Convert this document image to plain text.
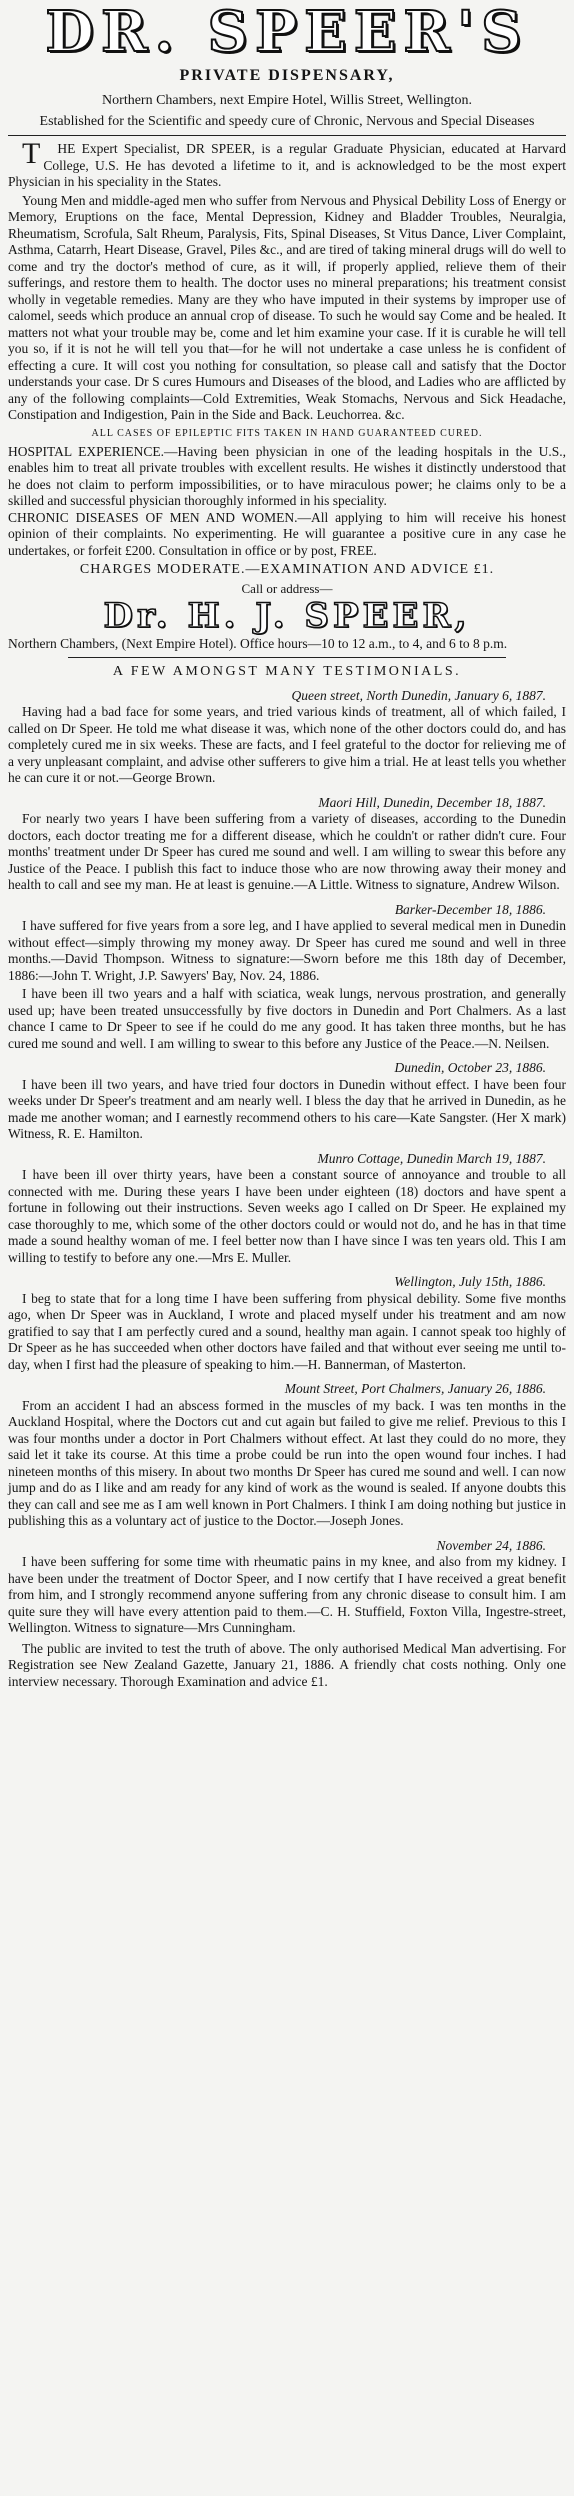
DR. SPEER'S
PRIVATE DISPENSARY,
Northern Chambers, next Empire Hotel, Willis Street, Wellington.
Established for the Scientific and speedy cure of Chronic, Nervous and Special Diseases

THE Expert Specialist, DR SPEER, is a regular Graduate Physician, educated at Harvard College, U.S. He has devoted a lifetime to it, and is acknowledged to be the most expert Physician in his speciality in the States.

Young Men and middle-aged men who suffer from Nervous and Physical Debility Loss of Energy or Memory, Eruptions on the face, Mental Depression, Kidney and Bladder Troubles, Neuralgia, Rheumatism, Scrofula, Salt Rheum, Paralysis, Fits, Spinal Diseases, St Vitus Dance, Liver Complaint, Asthma, Catarrh, Heart Disease, Gravel, Piles &c., and are tired of taking mineral drugs will do well to come and try the doctor's method of cure, as it will, if properly applied, relieve them of their sufferings, and restore them to health. The doctor uses no mineral preparations; his treatment consist wholly in vegetable remedies. Many are they who have imputed in their systems by improper use of calomel, seeds which produce an annual crop of disease. To such he would say Come and be healed. It matters not what your trouble may be, come and let him examine your case. If it is curable he will tell you so, if it is not he will tell you that—for he will not undertake a case unless he is confident of effecting a cure. It will cost you nothing for consultation, so please call and satisfy that the Doctor understands your case. Dr S cures Humours and Diseases of the blood, and Ladies who are afflicted by any of the following complaints—Cold Extremities, Weak Stomachs, Nervous and Sick Headache, Constipation and Indigestion, Pain in the Side and Back. Leuchorrea. &c.

ALL CASES OF EPILEPTIC FITS TAKEN IN HAND GUARANTEED CURED.

HOSPITAL EXPERIENCE.—Having been physician in one of the leading hospitals in the U.S., enables him to treat all private troubles with excellent results. He wishes it distinctly understood that he does not claim to perform impossibilities, or to have miraculous power; he claims only to be a skilled and successful physician thoroughly informed in his speciality.

CHRONIC DISEASES OF MEN AND WOMEN.—All applying to him will receive his honest opinion of their complaints. No experimenting. He will guarantee a positive cure in any case he undertakes, or forfeit £200. Consultation in office or by post, FREE.

CHARGES MODERATE.—EXAMINATION AND ADVICE £1.
Call or address—
Dr. H. J. SPEER,

Northern Chambers, (Next Empire Hotel). Office hours—10 to 12 a.m., to 4, and 6 to 8 p.m.

A FEW AMONGST MANY TESTIMONIALS.
Queen street, North Dunedin, January 6, 1887.

Having had a bad face for some years, and tried various kinds of treatment, all of which failed, I called on Dr Speer. He told me what disease it was, which none of the other doctors could do, and has completely cured me in six weeks. These are facts, and I feel grateful to the doctor for relieving me of a very unpleasant complaint, and advise other sufferers to give him a trial. He at least tells you whether he can cure it or not.—George Brown.

Maori Hill, Dunedin, December 18, 1887.

For nearly two years I have been suffering from a variety of diseases, according to the Dunedin doctors, each doctor treating me for a different disease, which he couldn't or rather didn't cure. Four months' treatment under Dr Speer has cured me sound and well. I am willing to swear this before any Justice of the Peace. I publish this fact to induce those who are now throwing away their money and health to call and see my man. He at least is genuine.—A Little. Witness to signature, Andrew Wilson.

Barker-December 18, 1886.

I have suffered for five years from a sore leg, and I have applied to several medical men in Dunedin without effect—simply throwing my money away. Dr Speer has cured me sound and well in three months.—David Thompson. Witness to signature:—Sworn before me this 18th day of December, 1886:—John T. Wright, J.P. Sawyers' Bay, Nov. 24, 1886.

I have been ill two years and a half with sciatica, weak lungs, nervous prostration, and generally used up; have been treated unsuccessfully by five doctors in Dunedin and Port Chalmers. As a last chance I came to Dr Speer to see if he could do me any good. It has taken three months, but he has cured me sound and well. I am willing to swear to this before any Justice of the Peace.—N. Neilsen.

Dunedin, October 23, 1886.

I have been ill two years, and have tried four doctors in Dunedin without effect. I have been four weeks under Dr Speer's treatment and am nearly well. I bless the day that he arrived in Dunedin, as he made me another woman; and I earnestly recommend others to his care—Kate Sangster. (Her X mark) Witness, R. E. Hamilton.

Munro Cottage, Dunedin March 19, 1887.

I have been ill over thirty years, have been a constant source of annoyance and trouble to all connected with me. During these years I have been under eighteen (18) doctors and have spent a fortune in following out their instructions. Seven weeks ago I called on Dr Speer. He explained my case thoroughly to me, which some of the other doctors could or would not do, and he has in that time made a sound healthy woman of me. I feel better now than I have since I was ten years old. This I am willing to testify to before any one.—Mrs E. Muller.

Wellington, July 15th, 1886.

I beg to state that for a long time I have been suffering from physical debility. Some five months ago, when Dr Speer was in Auckland, I wrote and placed myself under his treatment and am now gratified to say that I am perfectly cured and a sound, healthy man again. I cannot speak too highly of Dr Speer as he has succeeded when other doctors have failed and that without ever seeing me until to-day, when I first had the pleasure of speaking to him.—H. Bannerman, of Masterton.

Mount Street, Port Chalmers, January 26, 1886.

From an accident I had an abscess formed in the muscles of my back. I was ten months in the Auckland Hospital, where the Doctors cut and cut again but failed to give me relief. Previous to this I was four months under a doctor in Port Chalmers without effect. At last they could do no more, they said let it take its course. At this time a probe could be run into the open wound four inches. I had nineteen months of this misery. In about two months Dr Speer has cured me sound and well. I can now jump and do as I like and am ready for any kind of work as the wound is sealed. If anyone doubts this they can call and see me as I am well known in Port Chalmers. I think I am doing nothing but justice in publishing this as a voluntary act of justice to the Doctor.—Joseph Jones.

November 24, 1886.

I have been suffering for some time with rheumatic pains in my knee, and also from my kidney. I have been under the treatment of Doctor Speer, and I now certify that I have received a great benefit from him, and I strongly recommend anyone suffering from any chronic disease to consult him. I am quite sure they will have every attention paid to them.—C. H. Stuffield, Foxton Villa, Ingestre-street, Wellington. Witness to signature—Mrs Cunningham.

The public are invited to test the truth of above. The only authorised Medical Man advertising. For Registration see New Zealand Gazette, January 21, 1886. A friendly chat costs nothing. Only one interview necessary. Thorough Examination and advice £1.
